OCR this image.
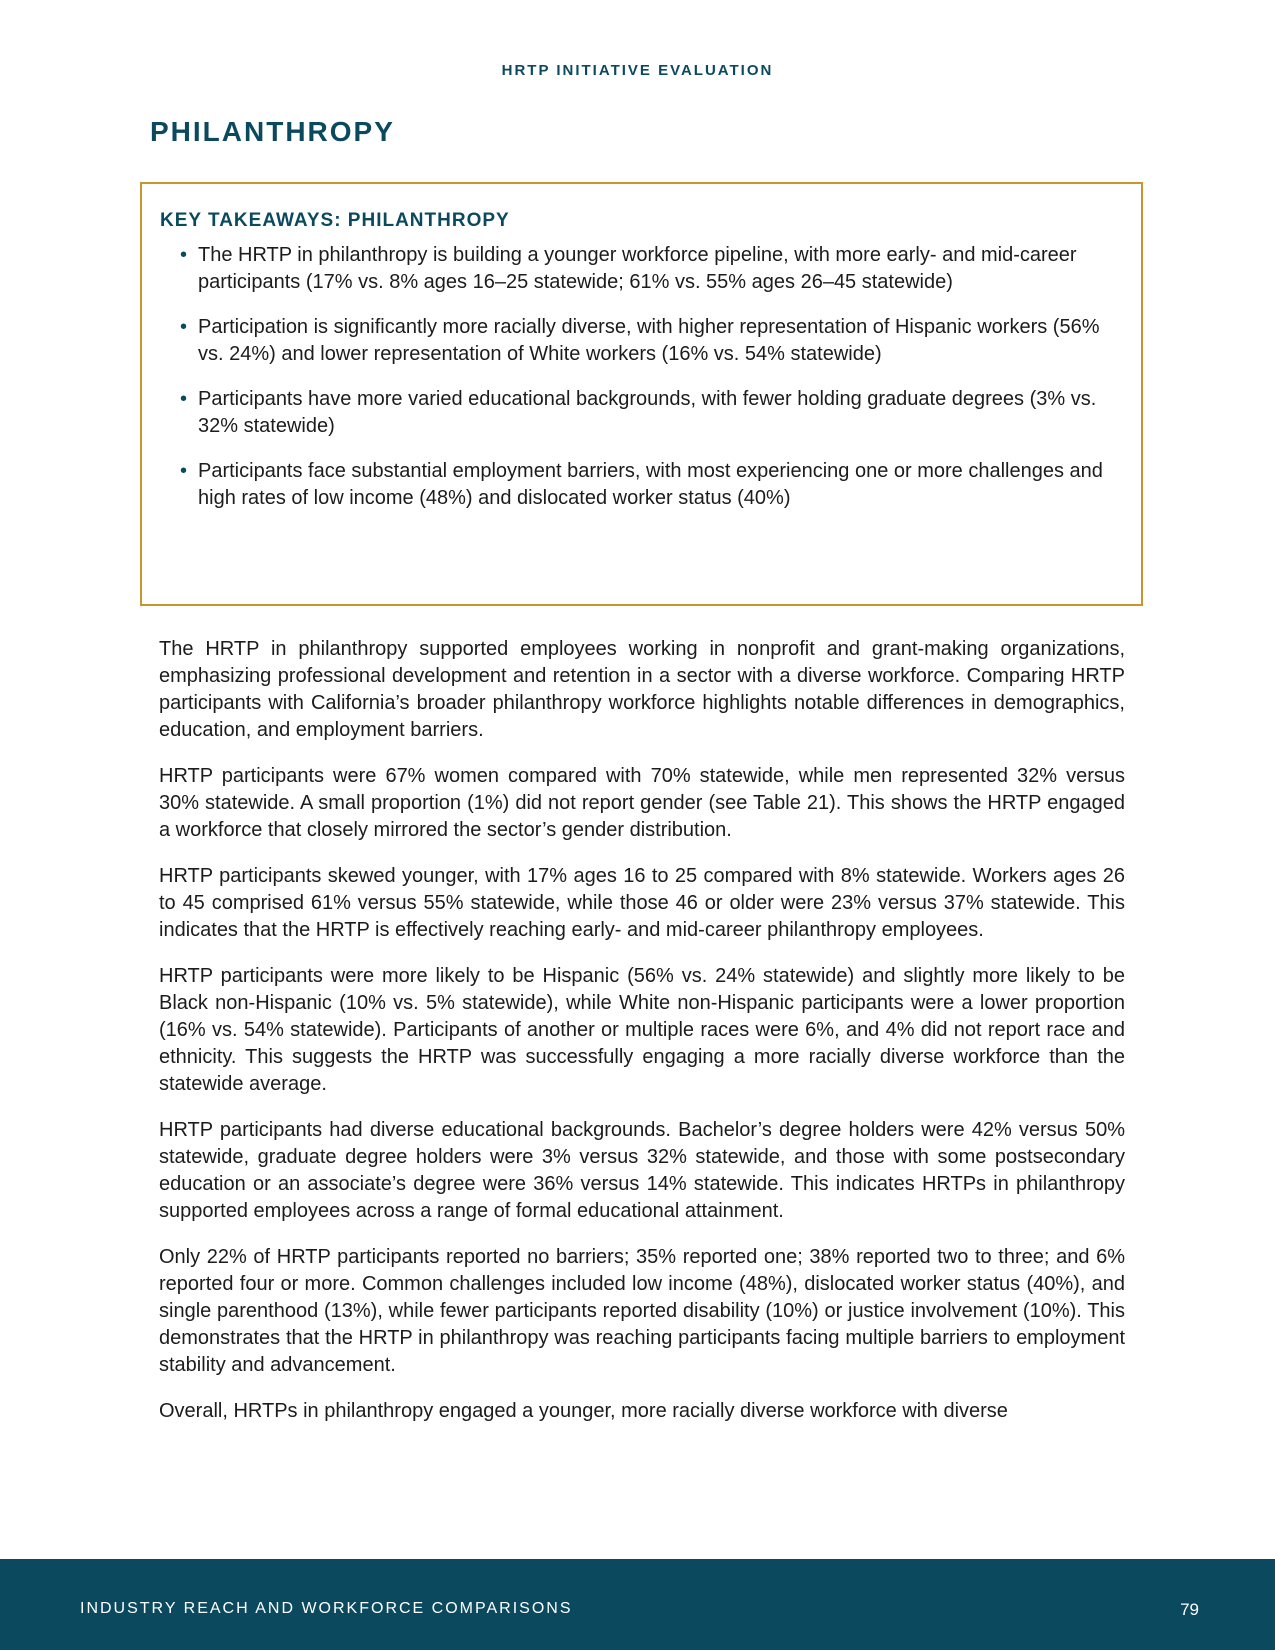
HRTP INITIATIVE EVALUATION
PHILANTHROPY
KEY TAKEAWAYS: PHILANTHROPY
• The HRTP in philanthropy is building a younger workforce pipeline, with more early- and mid-career participants (17% vs. 8% ages 16–25 statewide; 61% vs. 55% ages 26–45 statewide)
• Participation is significantly more racially diverse, with higher representation of Hispanic workers (56% vs. 24%) and lower representation of White workers (16% vs. 54% statewide)
• Participants have more varied educational backgrounds, with fewer holding graduate degrees (3% vs. 32% statewide)
• Participants face substantial employment barriers, with most experiencing one or more challenges and high rates of low income (48%) and dislocated worker status (40%)

The HRTP in philanthropy supported employees working in nonprofit and grant-making organizations, emphasizing professional development and retention in a sector with a diverse workforce. Comparing HRTP participants with California’s broader philanthropy workforce highlights notable differences in demographics, education, and employment barriers.

HRTP participants were 67% women compared with 70% statewide, while men represented 32% versus 30% statewide. A small proportion (1%) did not report gender (see Table 21). This shows the HRTP engaged a workforce that closely mirrored the sector’s gender distribution.

HRTP participants skewed younger, with 17% ages 16 to 25 compared with 8% statewide. Workers ages 26 to 45 comprised 61% versus 55% statewide, while those 46 or older were 23% versus 37% statewide. This indicates that the HRTP is effectively reaching early- and mid-career philanthropy employees.

HRTP participants were more likely to be Hispanic (56% vs. 24% statewide) and slightly more likely to be Black non-Hispanic (10% vs. 5% statewide), while White non-Hispanic participants were a lower proportion (16% vs. 54% statewide). Participants of another or multiple races were 6%, and 4% did not report race and ethnicity. This suggests the HRTP was successfully engaging a more racially diverse workforce than the statewide average.

HRTP participants had diverse educational backgrounds. Bachelor’s degree holders were 42% versus 50% statewide, graduate degree holders were 3% versus 32% statewide, and those with some postsecondary education or an associate’s degree were 36% versus 14% statewide. This indicates HRTPs in philanthropy supported employees across a range of formal educational attainment.

Only 22% of HRTP participants reported no barriers; 35% reported one; 38% reported two to three; and 6% reported four or more. Common challenges included low income (48%), dislocated worker status (40%), and single parenthood (13%), while fewer participants reported disability (10%) or justice involvement (10%). This demonstrates that the HRTP in philanthropy was reaching participants facing multiple barriers to employment stability and advancement.

Overall, HRTPs in philanthropy engaged a younger, more racially diverse workforce with diverse

INDUSTRY REACH AND WORKFORCE COMPARISONS	79
